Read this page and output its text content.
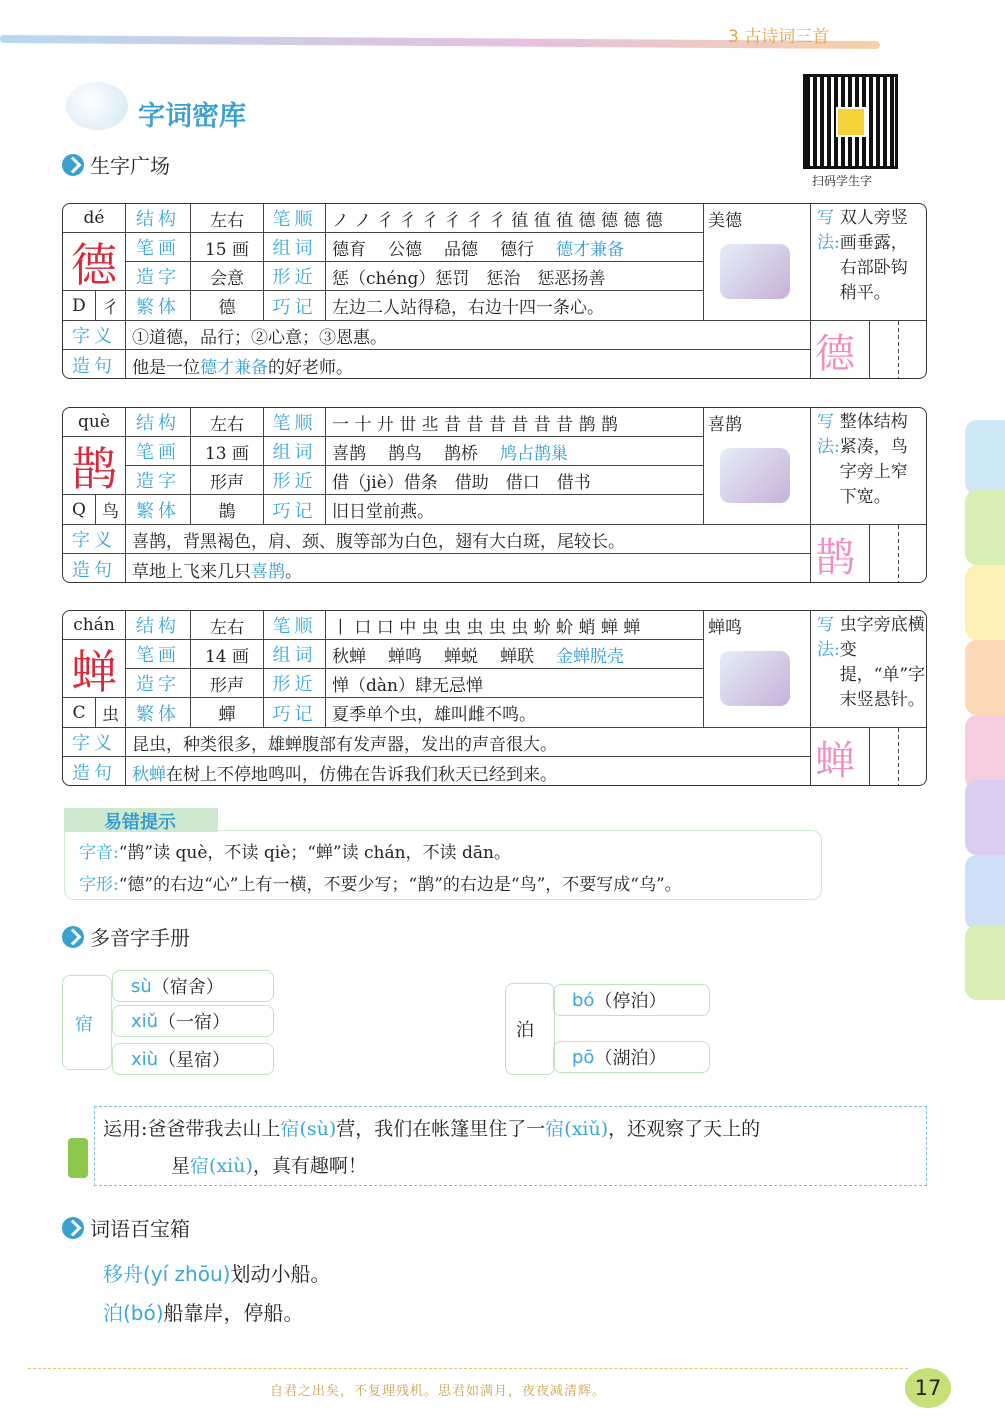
3 古诗词三首
字词密库
扫码学生字
生字广场
dé
德
D 彳
结构	左右	笔顺 ノ ノ 彳 彳 彳 彳 彳 彳 徝 徝 徝 德 德 德 德
笔画	15 画	组词 德育 公德 品德 德行 德才兼备
造字	会意	形近 惩（chéng）惩罚　惩治　惩恶扬善
繁体	德	巧记 左边二人站得稳，右边十四一条心。
美德	写法:
双人旁竖画垂露，右部卧钩稍平。
字义 ①道德，品行；②心意；③恩惠。
造句 他是一位 德才兼备 的好老师。	德
què
鹊
Q 鸟
结构	左右	笔顺 一 十 廾 丗 丠 昔 昔 昔 昔 昔 昔 鹊 鹊
笔画	13 画	组词 喜鹊 鹊鸟 鹊桥 鸠占鹊巢
造字	形声	形近 借（jiè）借条　借助　借口　借书
繁体	鵲	巧记 旧日堂前燕。
喜鹊	写法:
整体结构紧凑，鸟字旁上窄下宽。
字义 喜鹊，背黑褐色，肩、颈、腹等部为白色，翅有大白斑，尾较长。
造句 草地上飞来几只 喜鹊 。	鹊
chán
蝉
C 虫
结构	左右	笔顺 丨 口 口 中 虫 虫 虫 虫 虫 蚧 蚧 蛸 蝉 蝉
笔画	14 画	组词 秋蝉 蝉鸣 蝉蜕 蝉联 金蝉脱壳
造字	形声	形近 惮（dàn）肆无忌惮
繁体	蟬	巧记 夏季单个虫，雄叫雌不鸣。
蝉鸣	写法:
虫字旁底横变提，“单”字末竖悬针。
字义 昆虫，种类很多，雄蝉腹部有发声器，发出的声音很大。
造句 秋蝉 在树上不停地鸣叫，仿佛在告诉我们秋天已经到来。	蝉
易错提示
字音:“鹊”读 què，不读 qiè；“蝉”读 chán，不读 dān。
字形:“德”的右边“心”上有一横，不要少写；“鹊”的右边是“鸟”，不要写成“乌”。
多音字手册
宿
sù （宿舍）
xiǔ （一宿）
xiù （星宿）
泊
bó （停泊）
pō （湖泊）
运用:爸爸带我去山上宿(sù)营，我们在帐篷里住了一宿(xiǔ)，还观察了天上的
星宿(xiù)，真有趣啊！
词语百宝箱
移舟(yí zhōu)划动小船。
泊(bó)船靠岸，停船。
自君之出矣，不复理残机。思君如满月，夜夜减清辉。	17
